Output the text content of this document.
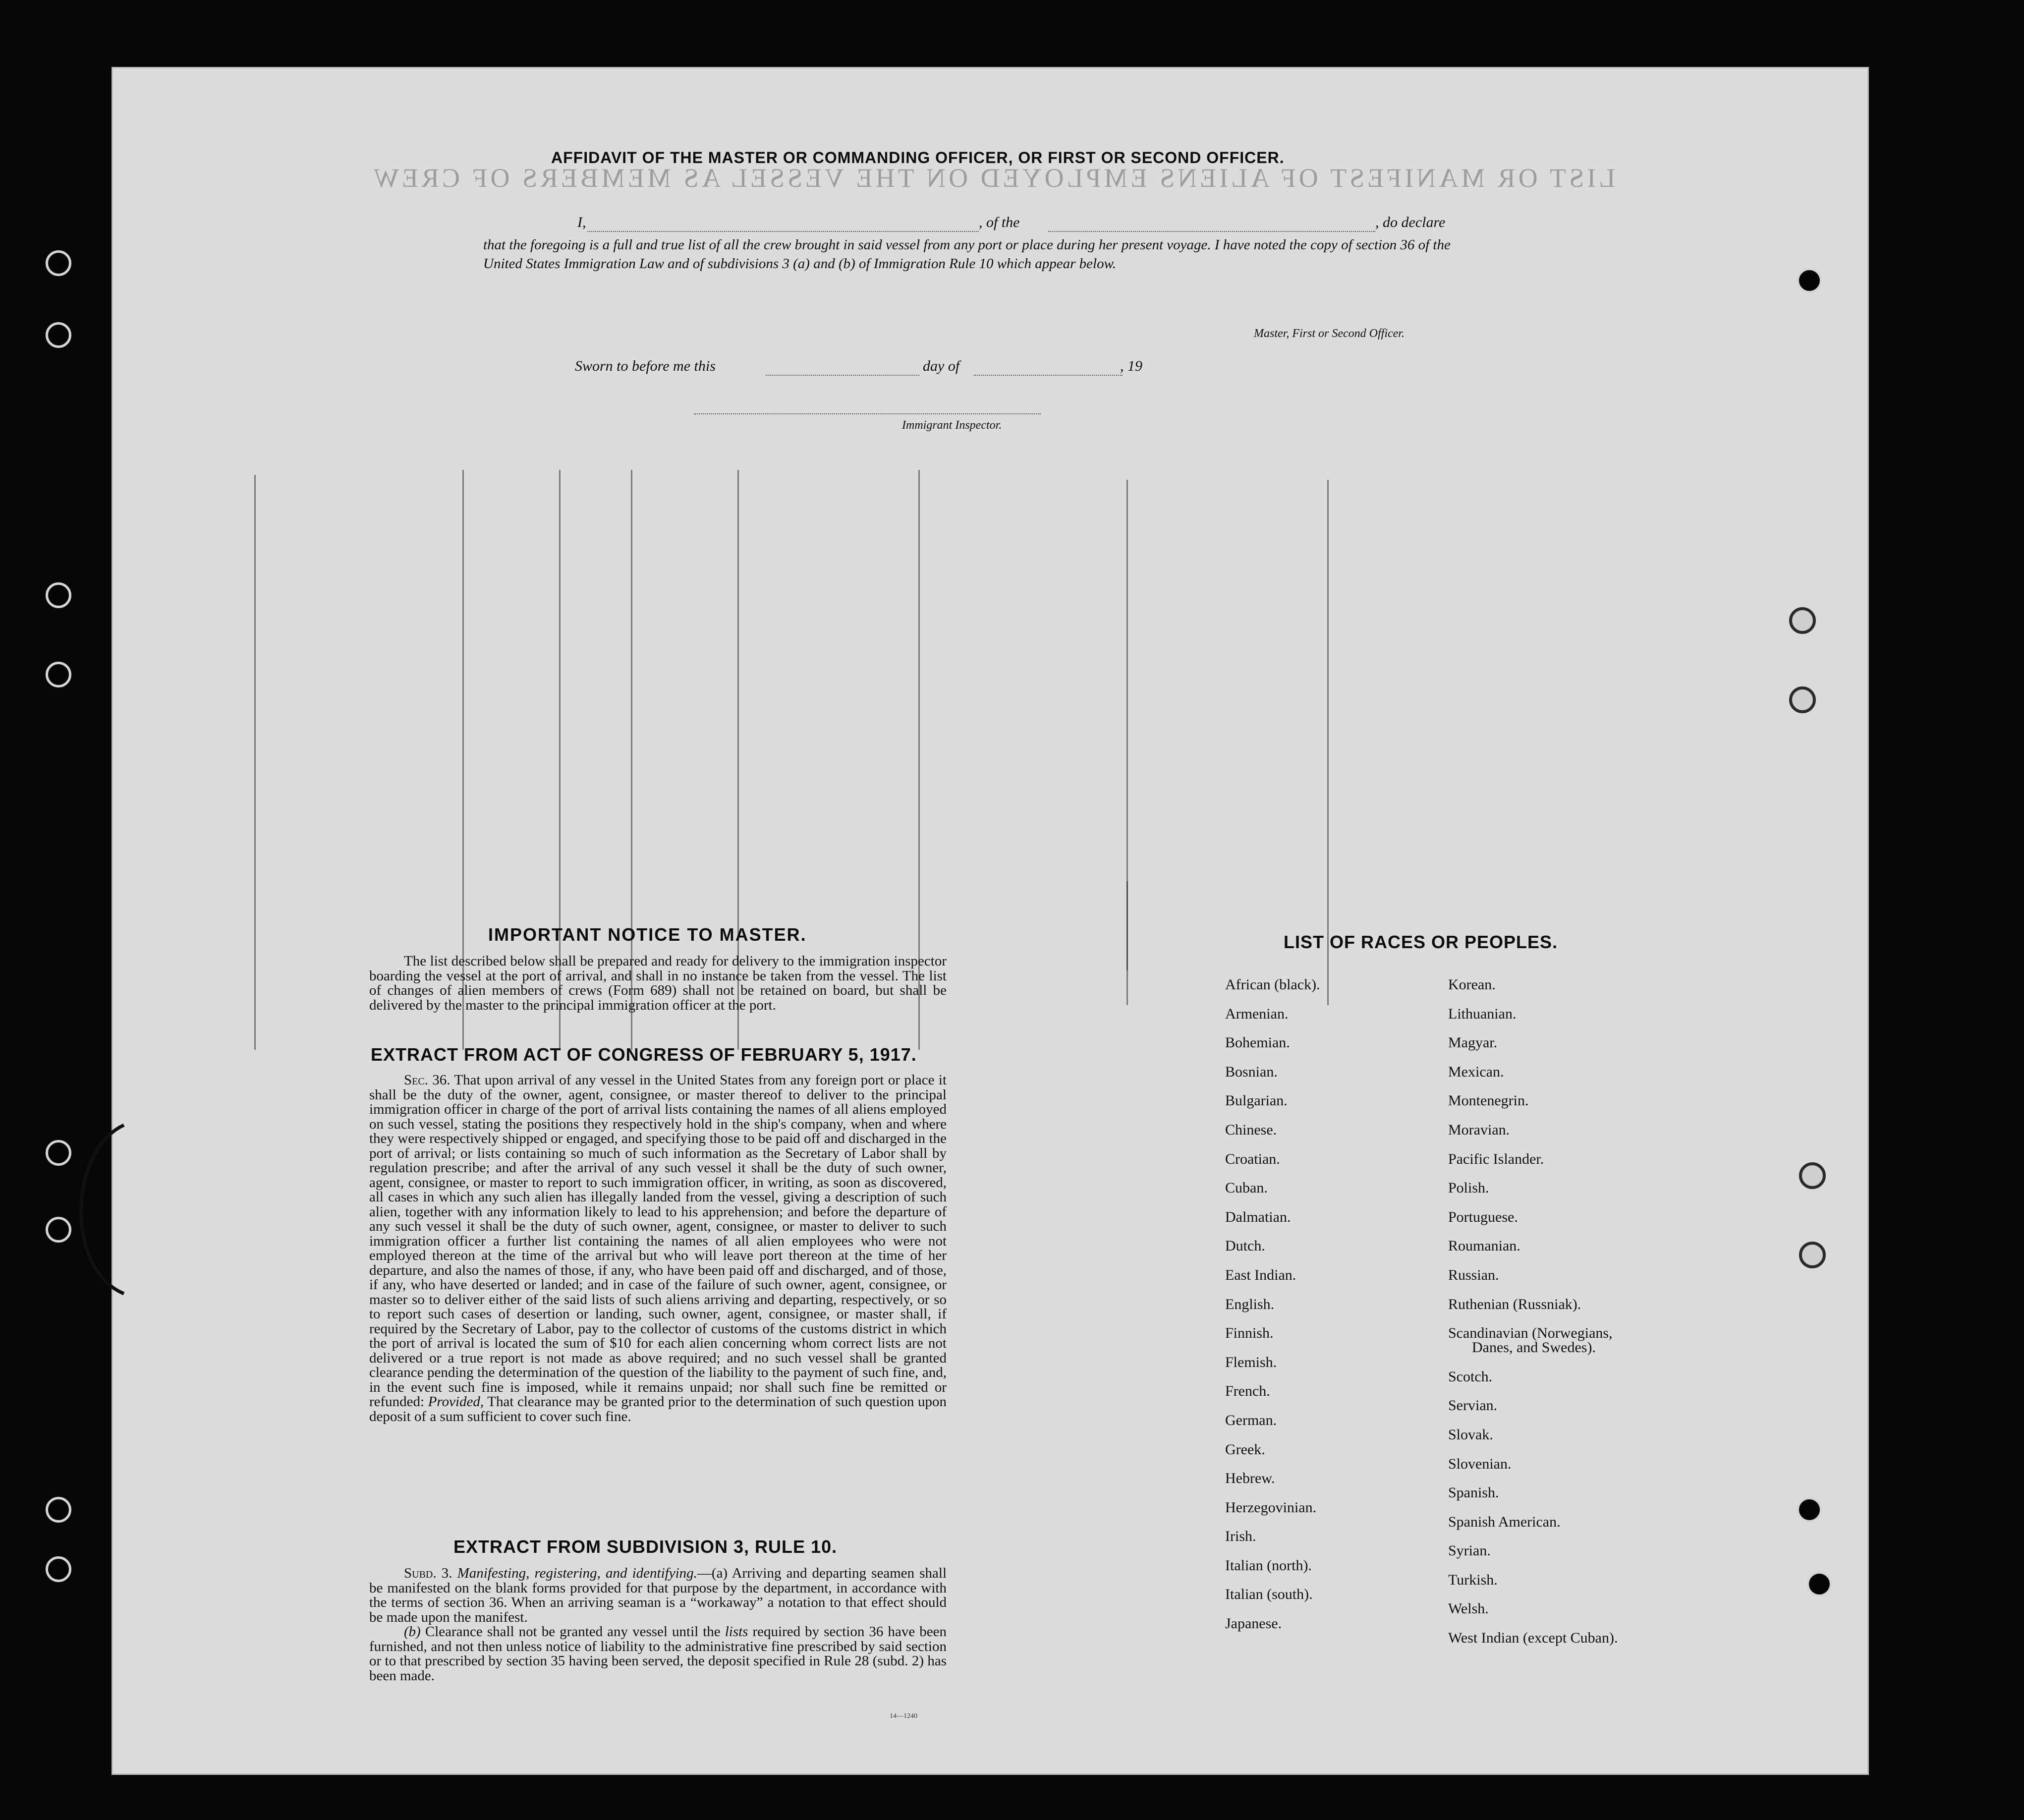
LIST OR MANIFEST OF ALIENS EMPLOYED ON THE VESSEL AS MEMBERS OF CREW
AFFIDAVIT OF THE MASTER OR COMMANDING OFFICER, OR FIRST OR SECOND OFFICER.
I,
	, of the
	, do declare
that the foregoing is a full and true list of all the crew brought in said vessel from any port or place during her present voyage. I have noted the copy of section 36 of the United States Immigration Law and of subdivisions 3 (a) and (b) of Immigration Rule 10 which appear below.
Master, First or Second Officer.
Sworn to before me this
	day of
	, 19

Immigrant Inspector.
IMPORTANT NOTICE TO MASTER.

The list described below shall be prepared and ready for delivery to the immigration inspector boarding the vessel at the port of arrival, and shall in no instance be taken from the vessel. The list of changes of alien members of crews (Form 689) shall not be retained on board, but shall be delivered by the master to the principal immigration officer at the port.

EXTRACT FROM ACT OF CONGRESS OF FEBRUARY 5, 1917.

Sec. 36. That upon arrival of any vessel in the United States from any foreign port or place it shall be the duty of the owner, agent, consignee, or master thereof to deliver to the principal immigration officer in charge of the port of arrival lists containing the names of all aliens employed on such vessel, stating the positions they respectively hold in the ship's company, when and where they were respectively shipped or engaged, and specifying those to be paid off and discharged in the port of arrival; or lists containing so much of such information as the Secretary of Labor shall by regulation prescribe; and after the arrival of any such vessel it shall be the duty of such owner, agent, consignee, or master to report to such immigration officer, in writing, as soon as discovered, all cases in which any such alien has illegally landed from the vessel, giving a description of such alien, together with any information likely to lead to his apprehension; and before the departure of any such vessel it shall be the duty of such owner, agent, consignee, or master to deliver to such immigration officer a further list containing the names of all alien employees who were not employed thereon at the time of the arrival but who will leave port thereon at the time of her departure, and also the names of those, if any, who have been paid off and discharged, and of those, if any, who have deserted or landed; and in case of the failure of such owner, agent, consignee, or master so to deliver either of the said lists of such aliens arriving and departing, respectively, or so to report such cases of desertion or landing, such owner, agent, consignee, or master shall, if required by the Secretary of Labor, pay to the collector of customs of the customs district in which the port of arrival is located the sum of $10 for each alien concerning whom correct lists are not delivered or a true report is not made as above required; and no such vessel shall be granted clearance pending the determination of the question of the liability to the payment of such fine, and, in the event such fine is imposed, while it remains unpaid; nor shall such fine be remitted or refunded: Provided, That clearance may be granted prior to the determination of such question upon deposit of a sum sufficient to cover such fine.

EXTRACT FROM SUBDIVISION 3, RULE 10.

Subd. 3. Manifesting, registering, and identifying.—(a) Arriving and departing seamen shall be manifested on the blank forms provided for that purpose by the department, in accordance with the terms of section 36. When an arriving seaman is a “workaway” a notation to that effect should be made upon the manifest.
(b) Clearance shall not be granted any vessel until the lists required by section 36 have been furnished, and not then unless notice of liability to the administrative fine prescribed by said section or to that prescribed by section 35 having been served, the deposit specified in Rule 28 (subd. 2) has been made.

14—1240
LIST OF RACES OR PEOPLES.
African (black).
Armenian.
Bohemian.
Bosnian.
Bulgarian.
Chinese.
Croatian.
Cuban.
Dalmatian.
Dutch.
East Indian.
English.
Finnish.
Flemish.
French.
German.
Greek.
Hebrew.
Herzegovinian.
Irish.
Italian (north).
Italian (south).
Japanese.
Korean.
Lithuanian.
Magyar.
Mexican.
Montenegrin.
Moravian.
Pacific Islander.
Polish.
Portuguese.
Roumanian.
Russian.
Ruthenian (Russniak).
Scandinavian (Norwegians,
Danes, and Swedes).
Scotch.
Servian.
Slovak.
Slovenian.
Spanish.
Spanish American.
Syrian.
Turkish.
Welsh.
West Indian (except Cuban).
